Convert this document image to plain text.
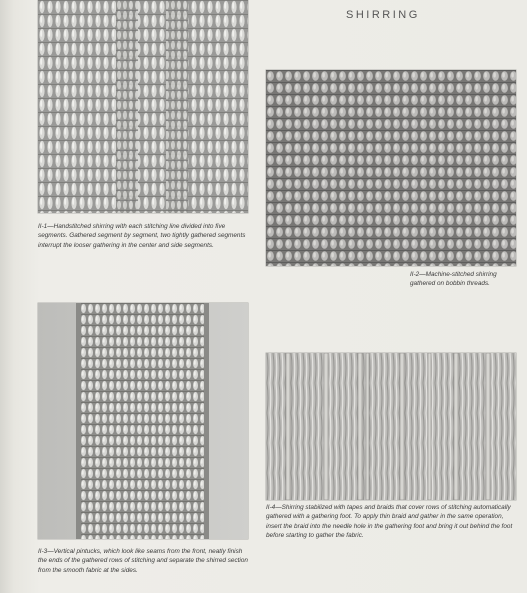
SHIRRING

II-1—Handstitched shirring with each stitching line divided into five segments. Gathered segment by segment, two tightly gathered segments interrupt the looser gathering in the center and side segments.

II-2—Machine-stitched shirring gathered on bobbin threads.

II-3—Vertical pintucks, which look like seams from the front, neatly finish the ends of the gathered rows of stitching and separate the shirred section from the smooth fabric at the sides.

II-4—Shirring stabilized with tapes and braids that cover rows of stitching automatically gathered with a gathering foot. To apply thin braid and gather in the same operation, insert the braid into the needle hole in the gathering foot and bring it out behind the foot before starting to gather the fabric.
